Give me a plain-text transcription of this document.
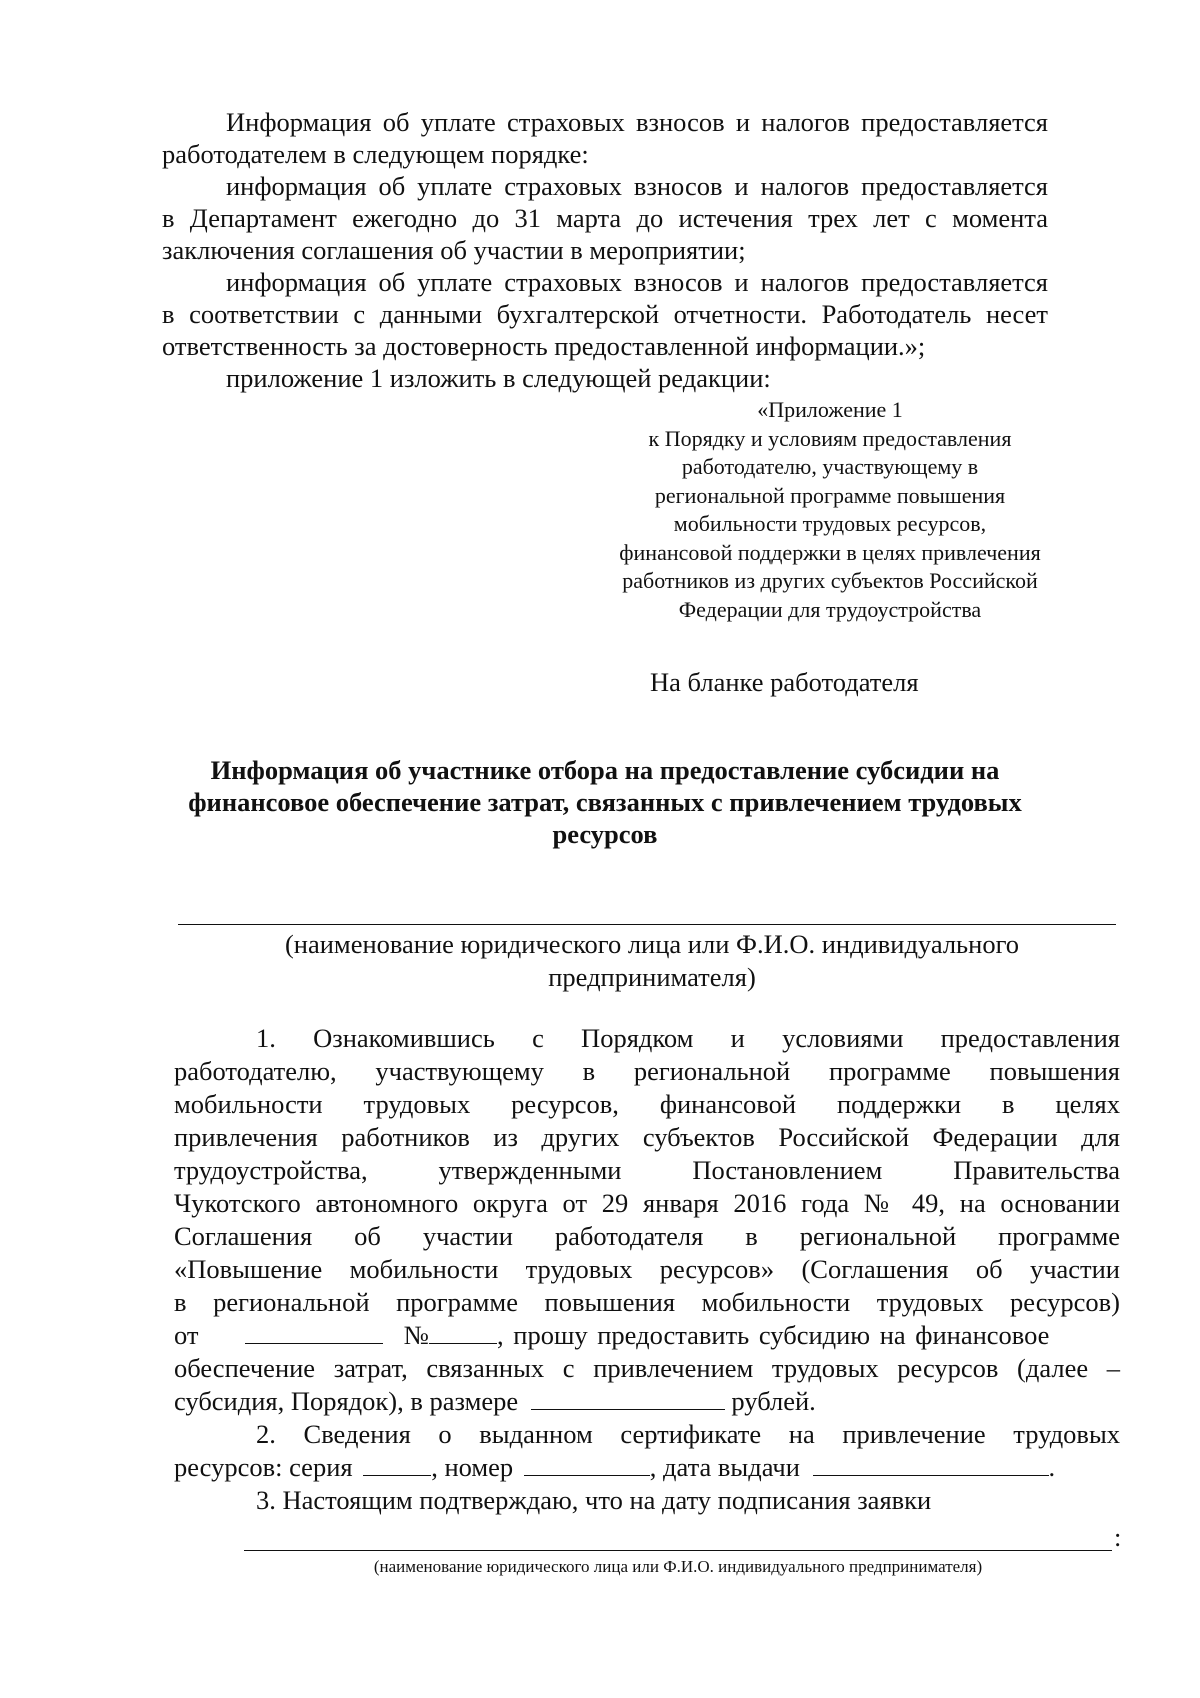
Информация об уплате страховых взносов и налогов предоставляется
работодателем в следующем порядке:
информация об уплате страховых взносов и налогов предоставляется
в Департамент ежегодно до 31 марта до истечения трех лет с момента
заключения соглашения об участии в мероприятии;
информация об уплате страховых взносов и налогов предоставляется
в соответствии с данными бухгалтерской отчетности. Работодатель несет
ответственность за достоверность предоставленной информации.»;
приложение 1 изложить в следующей редакции:
«Приложение 1
к Порядку и условиям предоставления
работодателю, участвующему в
региональной программе повышения
мобильности трудовых ресурсов,
финансовой поддержки в целях привлечения
работников из других субъектов Российской
Федерации для трудоустройства
На бланке работодателя
Информация об участнике отбора на предоставление субсидии на
финансовое обеспечение затрат, связанных с привлечением трудовых
ресурсов
(наименование юридического лица или Ф.И.О. индивидуального
предпринимателя)
1. Ознакомившись с Порядком и условиями предоставления
работодателю, участвующему в региональной программе повышения
мобильности трудовых ресурсов, финансовой поддержки в целях
привлечения работников из других субъектов Российской Федерации для
трудоустройства, утвержденными Постановлением Правительства
Чукотского автономного округа от 29 января 2016 года № 49, на основании
Соглашения об участии работодателя в региональной программе
«Повышение мобильности трудовых ресурсов» (Соглашения об участии
в региональной программе повышения мобильности трудовых ресурсов)
от	№	, прошу предоставить субсидию на финансовое
обеспечение затрат, связанных с привлечением трудовых ресурсов (далее –
субсидия, Порядок), в размере	рублей.
2. Сведения о выданном сертификате на привлечение трудовых
ресурсов: серия	, номер	, дата выдачи	.
3. Настоящим подтверждаю, что на дату подписания заявки
:
(наименование юридического лица или Ф.И.О. индивидуального предпринимателя)
